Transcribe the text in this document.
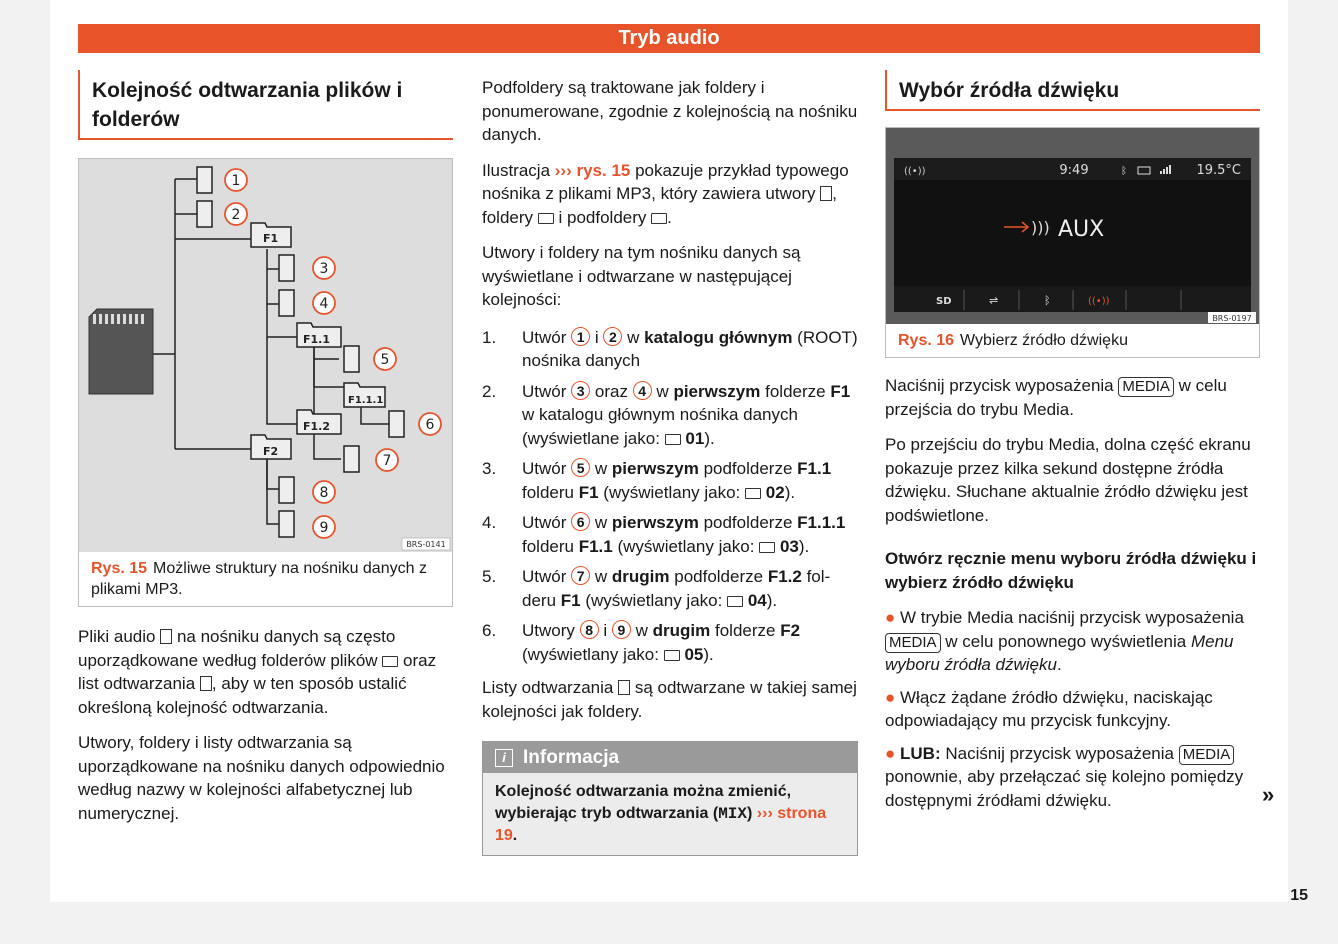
Tryb audio
Kolejność odtwarzania plików i folderów
F1
F1.1
F1.1.1
F1.2
F2
1
2
3
4
5
6
7
8
9
BRS-0141
Rys. 15 Możliwe struktury na nośniku danych z plikami MP3.

Pliki audio na nośniku danych są często uporządkowane według folderów plików oraz list odtwarzania , aby w ten sposób ustalić określoną kolejność odtwarzania.

Utwory, foldery i listy odtwarzania są uporządkowane na nośniku danych odpowiednio według nazwy w kolejności alfabetycznej lub numerycznej.

Podfoldery są traktowane jak foldery i ponumerowane, zgodnie z kolejnością na nośniku danych.

Ilustracja ››› rys. 15 pokazuje przykład typowego nośnika z plikami MP3, który zawiera utwory , foldery i podfoldery .

Utwory i foldery na tym nośniku danych są wyświetlane i odtwarzane w następującej kolejności:

1. Utwór 1 i 2 w katalogu głównym (ROOT) nośnika danych
2. Utwór 3 oraz 4 w pierwszym folderze F1 w katalogu głównym nośnika danych (wyświetlane jako: 01).
3. Utwór 5 w pierwszym podfolderze F1.1 folderu F1 (wyświetlany jako: 02).
4. Utwór 6 w pierwszym podfolderze F1.1.1 folderu F1.1 (wyświetlany jako: 03).
5. Utwór 7 w drugim podfolderze F1.2 fol-deru F1 (wyświetlany jako: 04).
6. Utwory 8 i 9 w drugim folderze F2 (wyświetlany jako: 05).

Listy odtwarzania są odtwarzane w takiej samej kolejności jak foldery.

i Informacja
Kolejność odtwarzania można zmienić, wybierając tryb odtwarzania (MIX) ››› strona 19.
Wybór źródła dźwięku
((•))	9:49	ᛒ	19.5°C
))) AUX
SD	⇌	ᛒ	((•))
BRS-0197
Rys. 16 Wybierz źródło dźwięku

Naciśnij przycisk wyposażenia MEDIA w celu przejścia do trybu Media.

Po przejściu do trybu Media, dolna część ekranu pokazuje przez kilka sekund dostępne źródła dźwięku. Słuchane aktualnie źródło dźwięku jest podświetlone.

Otwórz ręcznie menu wyboru źródła dźwięku i wybierz źródło dźwięku

● W trybie Media naciśnij przycisk wyposażenia MEDIA w celu ponownego wyświetlenia Menu wyboru źródła dźwięku.

● Włącz żądane źródło dźwięku, naciskając odpowiadający mu przycisk funkcyjny.

● LUB: Naciśnij przycisk wyposażenia MEDIA ponownie, aby przełączać się kolejno pomiędzy dostępnymi źródłami dźwięku.	»
15
